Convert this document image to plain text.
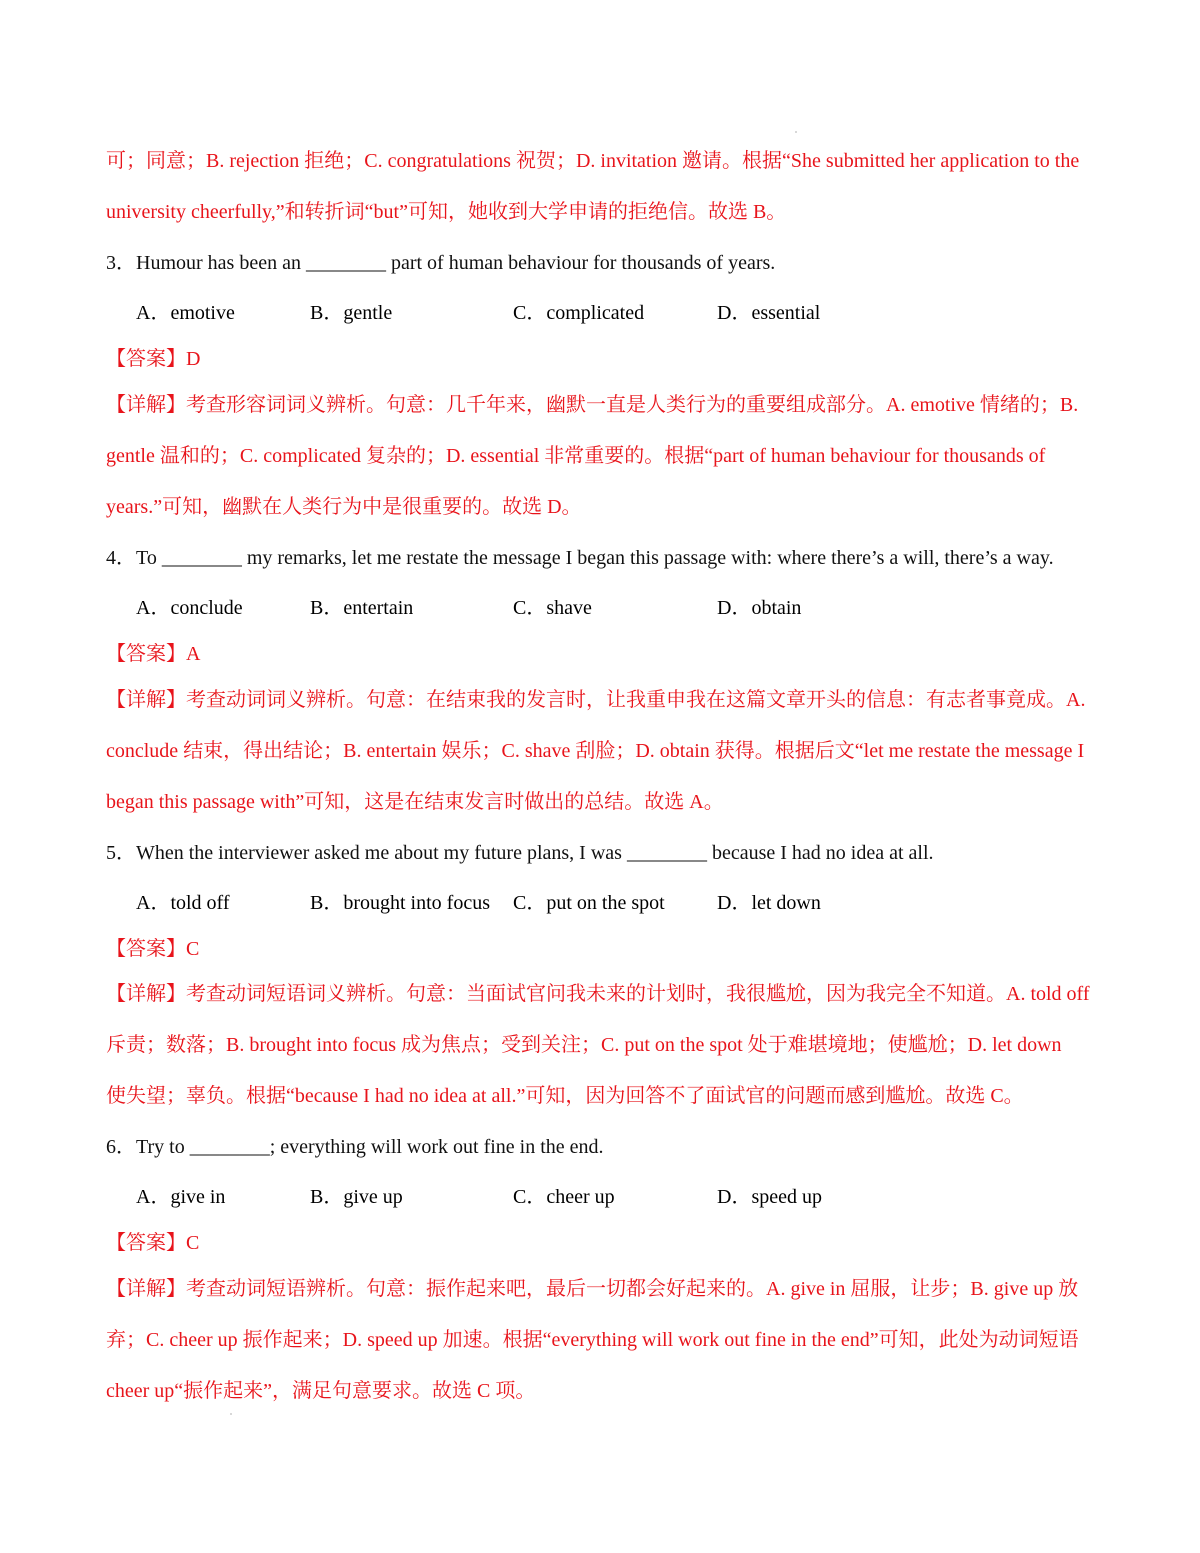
可；同意；B. rejection 拒绝；C. congratulations 祝贺；D. invitation 邀请。根据“She submitted her application to the
university cheerfully,”和转折词“but”可知，她收到大学申请的拒绝信。故选 B。
3．Humour has been an ________ part of human behaviour for thousands of years.
A．emotive	B．gentle	C．complicated	D．essential
【答案】D
【详解】考查形容词词义辨析。句意：几千年来，幽默一直是人类行为的重要组成部分。A. emotive 情绪的；B.
gentle 温和的；C. complicated 复杂的；D. essential 非常重要的。根据“part of human behaviour for thousands of
years.”可知，幽默在人类行为中是很重要的。故选 D。
4．To ________ my remarks, let me restate the message I began this passage with: where there’s a will, there’s a way.
A．conclude	B．entertain	C．shave	D．obtain
【答案】A
【详解】考查动词词义辨析。句意：在结束我的发言时，让我重申我在这篇文章开头的信息：有志者事竟成。A.
conclude 结束，得出结论；B. entertain 娱乐；C. shave 刮脸；D. obtain 获得。根据后文“let me restate the message I
began this passage with”可知，这是在结束发言时做出的总结。故选 A。
5．When the interviewer asked me about my future plans, I was ________ because I had no idea at all.
A．told off	B．brought into focus C．put on the spot	D．let down
【答案】C
【详解】考查动词短语词义辨析。句意：当面试官问我未来的计划时，我很尴尬，因为我完全不知道。A. told off
斥责；数落；B. brought into focus 成为焦点；受到关注；C. put on the spot 处于难堪境地；使尴尬；D. let down
使失望；辜负。根据“because I had no idea at all.”可知，因为回答不了面试官的问题而感到尴尬。故选 C。
6．Try to ________; everything will work out fine in the end.
A．give in	B．give up	C．cheer up	D．speed up
【答案】C
【详解】考查动词短语辨析。句意：振作起来吧，最后一切都会好起来的。A. give in 屈服，让步；B. give up 放
弃；C. cheer up 振作起来；D. speed up 加速。根据“everything will work out fine in the end”可知，此处为动词短语
cheer up“振作起来”，满足句意要求。故选 C 项。
